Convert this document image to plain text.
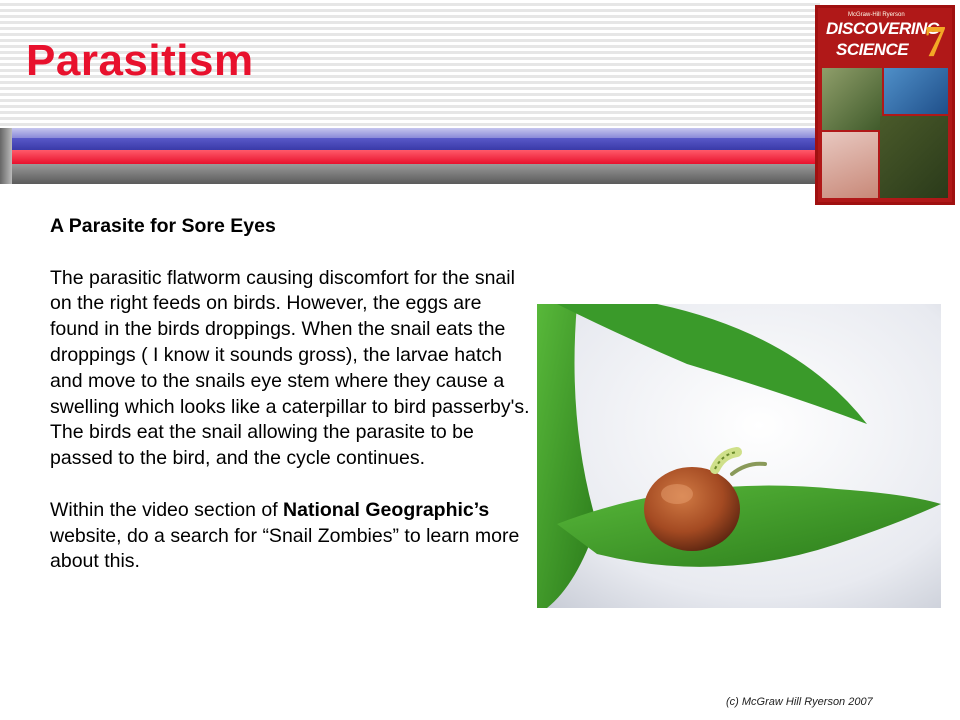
Parasitism
McGraw-Hill Ryerson
DISCOVERING
SCIENCE 7

A Parasite for Sore Eyes

The parasitic flatworm causing discomfort for the snail on the right feeds on birds. However, the eggs are found in the birds droppings. When the snail eats the droppings ( I know it sounds gross), the larvae hatch and move to the snails eye stem where they cause a swelling which looks like a caterpillar to bird passerby's. The birds eat the snail allowing the parasite to be passed to the bird, and the cycle continues.

Within the video section of National Geographic’s website, do a search for “Snail Zombies” to learn more about this.

(c) McGraw Hill Ryerson 2007
